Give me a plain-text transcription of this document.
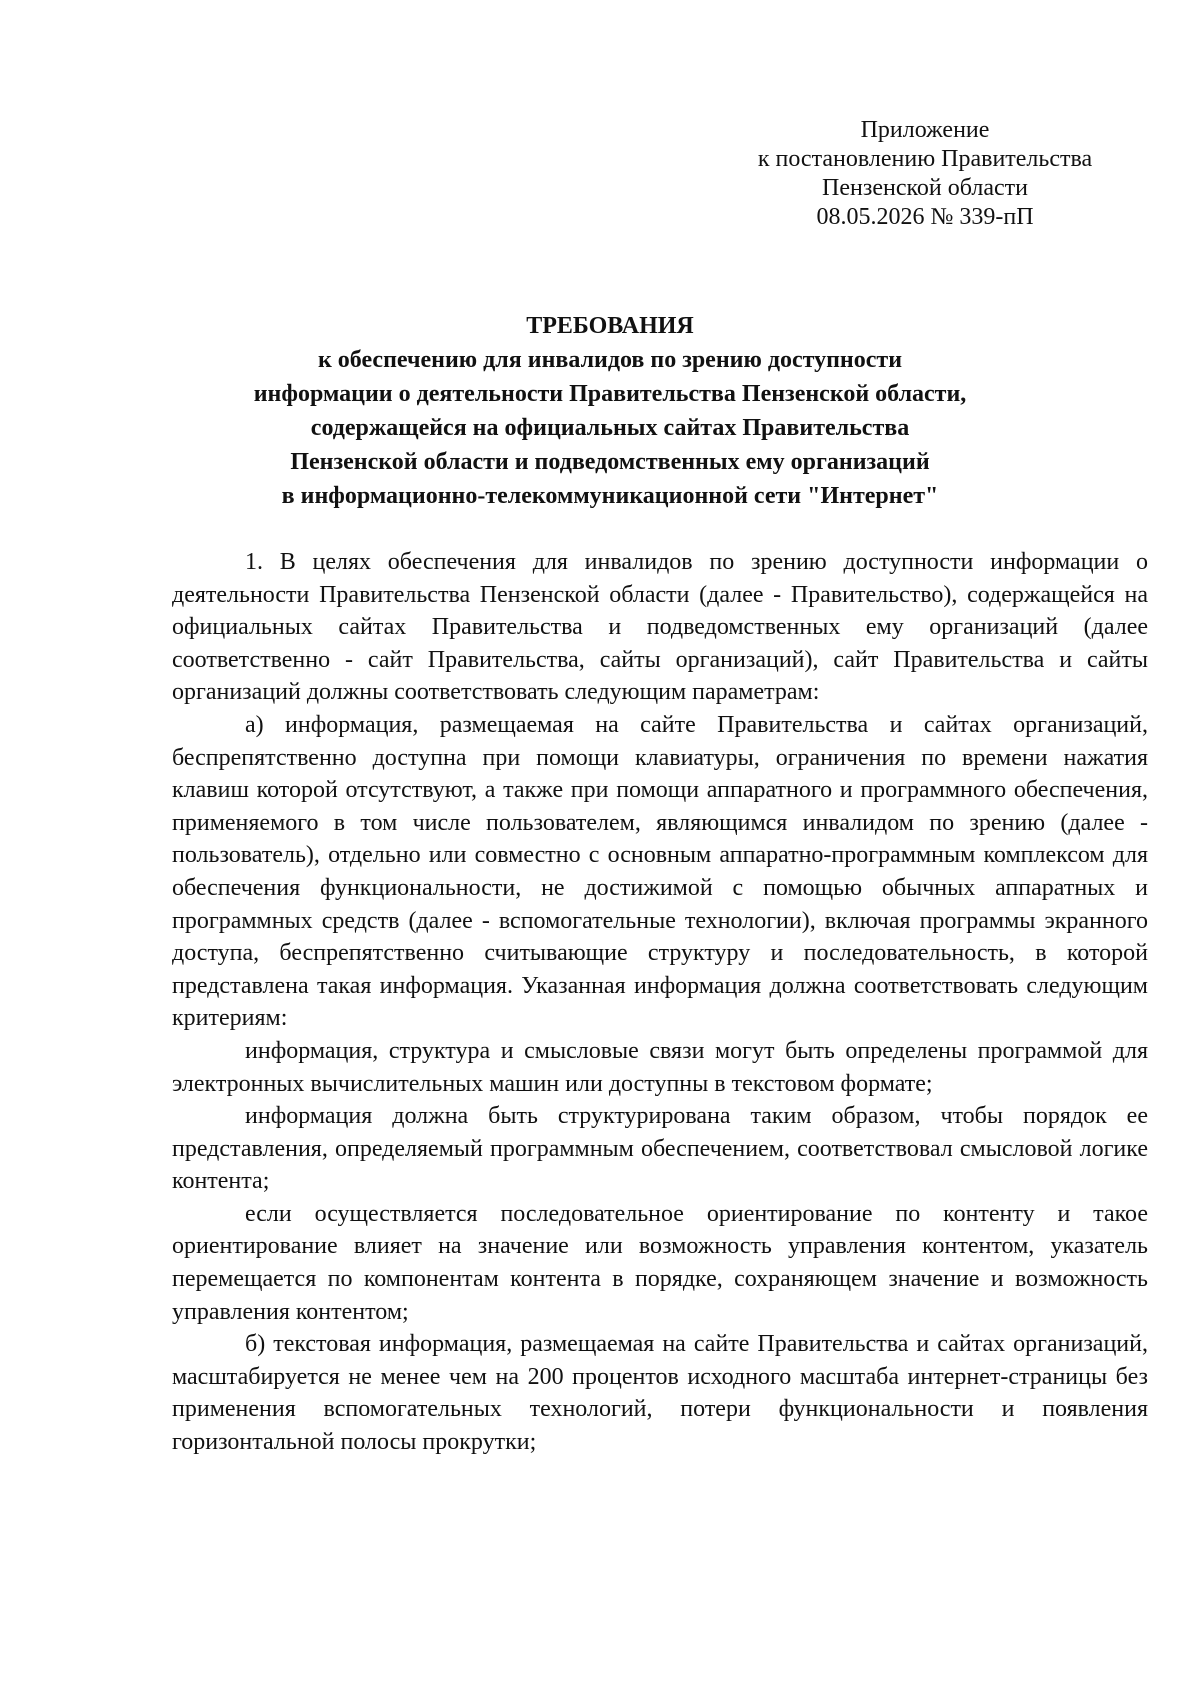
Приложение
к постановлению Правительства
Пензенской области
08.05.2026 № 339-пП
ТРЕБОВАНИЯ
к обеспечению для инвалидов по зрению доступности
информации о деятельности Правительства Пензенской области,
содержащейся на официальных сайтах Правительства
Пензенской области и подведомственных ему организаций
в информационно-телекоммуникационной сети "Интернет"

1. В целях обеспечения для инвалидов по зрению доступности информации о деятельности Правительства Пензенской области (далее - Правительство), содержащейся на официальных сайтах Правительства и подведомственных ему организаций (далее соответственно - сайт Правительства, сайты организаций), сайт Правительства и сайты организаций должны соответствовать следующим параметрам:

а) информация, размещаемая на сайте Правительства и сайтах организаций, беспрепятственно доступна при помощи клавиатуры, ограничения по времени нажатия клавиш которой отсутствуют, а также при помощи аппаратного и программного обеспечения, применяемого в том числе пользователем, являющимся инвалидом по зрению (далее - пользователь), отдельно или совместно с основным аппаратно-программным комплексом для обеспечения функциональности, не достижимой с помощью обычных аппаратных и программных средств (далее - вспомогательные технологии), включая программы экранного доступа, беспрепятственно считывающие структуру и последовательность, в которой представлена такая информация. Указанная информация должна соответствовать следующим критериям:

информация, структура и смысловые связи могут быть определены программой для электронных вычислительных машин или доступны в текстовом формате;

информация должна быть структурирована таким образом, чтобы порядок ее представления, определяемый программным обеспечением, соответствовал смысловой логике контента;

если осуществляется последовательное ориентирование по контенту и такое ориентирование влияет на значение или возможность управления контентом, указатель перемещается по компонентам контента в порядке, сохраняющем значение и возможность управления контентом;

б) текстовая информация, размещаемая на сайте Правительства и сайтах организаций, масштабируется не менее чем на 200 процентов исходного масштаба интернет-страницы без применения вспомогательных технологий, потери функциональности и появления горизонтальной полосы прокрутки;
